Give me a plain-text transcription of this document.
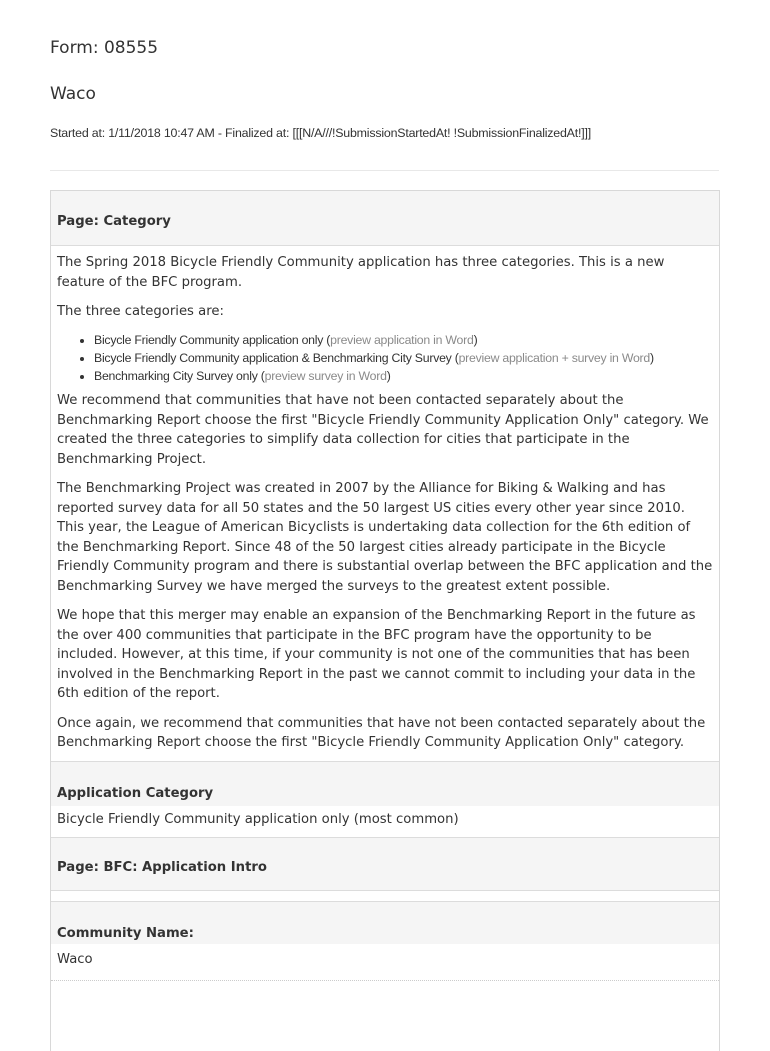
Form: 08555
Waco
Started at: 1/11/2018 10:47 AM - Finalized at: [[[N/A///!SubmissionStartedAt! !SubmissionFinalizedAt!]]]
Page: Category

The Spring 2018 Bicycle Friendly Community application has three categories. This is a new feature of the BFC program.

The three categories are:

• Bicycle Friendly Community application only (preview application in Word)
• Bicycle Friendly Community application & Benchmarking City Survey (preview application + survey in Word)
• Benchmarking City Survey only (preview survey in Word)

We recommend that communities that have not been contacted separately about the Benchmarking Report choose the first "Bicycle Friendly Community Application Only" category. We created the three categories to simplify data collection for cities that participate in the Benchmarking Project.

The Benchmarking Project was created in 2007 by the Alliance for Biking & Walking and has reported survey data for all 50 states and the 50 largest US cities every other year since 2010. This year, the League of American Bicyclists is undertaking data collection for the 6th edition of the Benchmarking Report. Since 48 of the 50 largest cities already participate in the Bicycle Friendly Community program and there is substantial overlap between the BFC application and the Benchmarking Survey we have merged the surveys to the greatest extent possible.

We hope that this merger may enable an expansion of the Benchmarking Report in the future as the over 400 communities that participate in the BFC program have the opportunity to be included. However, at this time, if your community is not one of the communities that has been involved in the Benchmarking Report in the past we cannot commit to including your data in the 6th edition of the report.

Once again, we recommend that communities that have not been contacted separately about the Benchmarking Report choose the first "Bicycle Friendly Community Application Only" category.

Application Category
Bicycle Friendly Community application only (most common)
Page: BFC: Application Intro
Community Name:
Waco
